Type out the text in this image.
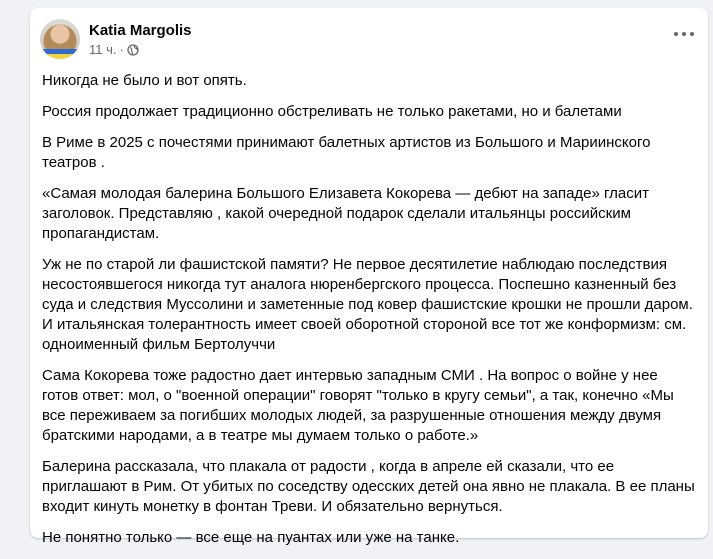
Katia Margolis
11 ч. ·

Никогда не было и вот опять.

Россия продолжает традиционно обстреливать не только ракетами, но и балетами

В Риме в 2025 с почестями принимают балетных артистов из Большого и Мариинского театров .

«Самая молодая балерина Большого Елизавета Кокорева — дебют на западе» гласит заголовок. Представляю , какой очередной подарок сделали итальянцы российским пропагандистам.

Уж не по старой ли фашистской памяти? Не первое десятилетие наблюдаю последствия несостоявшегося никогда тут аналога нюренбергского процесса. Поспешно казненный без суда и следствия Муссолини и заметенные под ковер фашистские крошки не прошли даром. И итальянская толерантность имеет своей оборотной стороной все тот же конформизм: см. одноименный фильм Бертолуччи

Сама Кокорева тоже радостно дает интервью западным СМИ . На вопрос о войне у нее готов ответ: мол, о "военной операции" говорят "только в кругу семьи", а так, конечно «Мы все переживаем за погибших молодых людей, за разрушенные отношения между двумя братскими народами, а в театре мы думаем только о работе.»

Балерина рассказала, что плакала от радости , когда в апреле ей сказали, что ее приглашают в Рим. От убитых по соседству одесских детей она явно не плакала. В ее планы входит кинуть монетку в фонтан Треви. И обязательно вернуться.

Не понятно только — все еще на пуантах или уже на танке.
